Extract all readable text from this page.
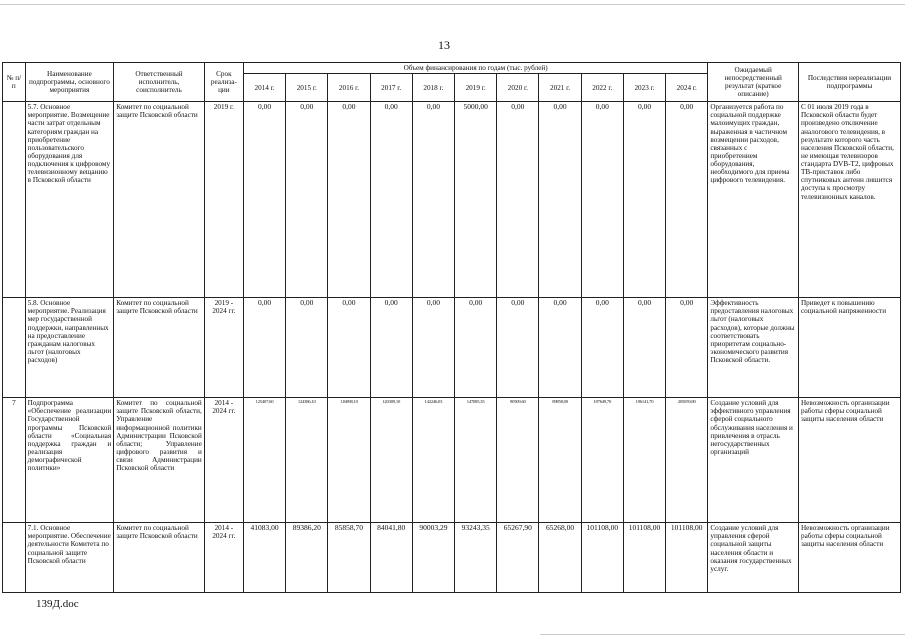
13
№ п/п	Наименование подпрограммы, основного мероприятия	Ответственный исполнитель, соисполнитель	Срок реализа-ции	Объем финансирования по годам (тыс. рублей)											Ожидаемый непосредственный результат (краткое описание)	Последствия нереализации подпрограммы
				2014 г.	2015 г.	2016 г.	2017 г.	2018 г.	2019 г.	2020 г.	2021 г.	2022 г.	2023 г.	2024 г.		
	5.7. Основное мероприятие. Возмещение части затрат отдельным категориям граждан на приобретение пользовательского оборудования для подключения к цифровому телевизионному вещанию в Псковской области	Комитет по социальной защите Псковской области	2019 г.	0,00	0,00	0,00	0,00	0,00	5000,00	0,00	0,00	0,00	0,00	0,00	Организуется работа по социальной поддержке малоимущих граждан, выраженная в частичном возмещении расходов, связанных с приобретением оборудования, необходимого для приема цифрового телевидения.	С 01 июля 2019 года в Псковской области будет произведено отключение аналогового телевидения, в результате которого часть населения Псковской области, не имеющая телевизоров стандарта DVB-T2, цифровых ТВ-приставок либо спутниковых антенн лишится доступа к просмотру телевизионных каналов.
	5.8. Основное мероприятие. Реализация мер государственной поддержки, направленных на предоставление гражданам налоговых льгот (налоговых расходов)	Комитет по социальной защите Псковской области	2019 - 2024 гг.	0,00	0,00	0,00	0,00	0,00	0,00	0,00	0,00	0,00	0,00	0,00	Эффективность предоставления налоговых льгот (налоговых расходов), которые должны соответствовать приоритетам социально-экономического развития Псковской области.	Приведет к повышению социальной напряженности
7	Подпрограмма «Обеспечение реализации Государственной программы Псковской области «Социальная поддержка граждан и реализация демографической политики»	Комитет по социальной защите Псковской области, Управление информационной политики Администрации Псковской области; Управление цифрового развития и связи Администрации Псковской области	2014 - 2024 гг.	125407,60	124386,10	116898,10	120309,10	142246,03	147085,35	90509,60	89858,00	187649,70	196141,70	205059,80	Создание условий для эффективного управления сферой социального обслуживания населения и привлечения в отрасль негосударственных организаций	Невозможность организации работы сферы социальной защиты населения области
	7.1. Основное мероприятие. Обеспечение деятельности Комитета по социальной защите Псковской области	Комитет по социальной защите Псковской области	2014 - 2024 гг.	41083,00	89386,20	85858,70	84041,80	90003,29	93243,35	65267,90	65268,00	101108,00	101108,00	101108,00	Создание условий для управления сферой социальной защиты населения области и оказания государственных услуг.	Невозможность организации работы сферы социальной защиты населения области
139Д.doc
